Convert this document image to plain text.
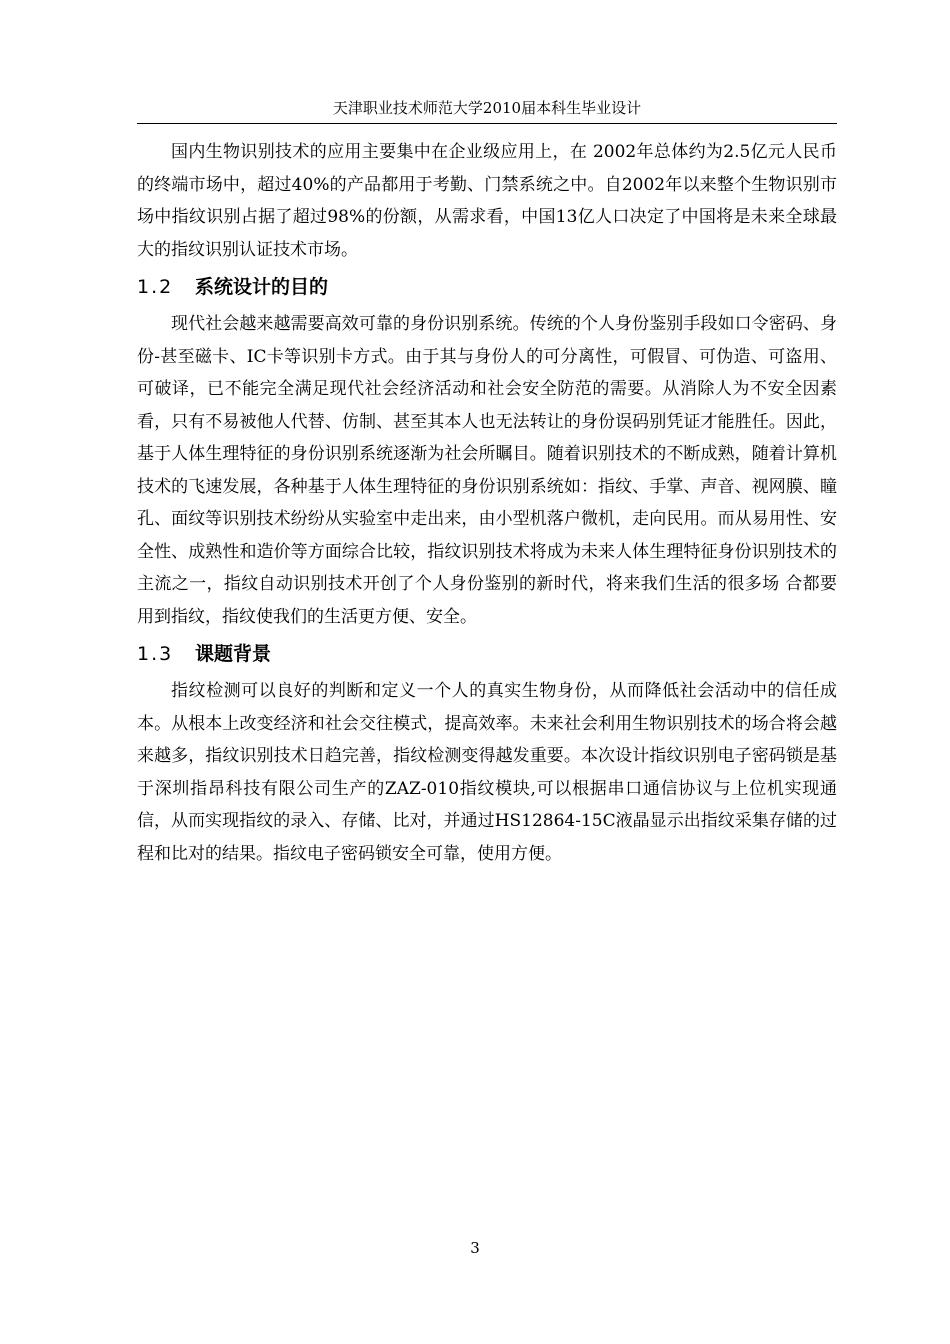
天津职业技术师范大学2010届本科生毕业设计

国内生物识别技术的应用主要集中在企业级应用上，在 2002年总体约为2.5亿元人民币的终端市场中，超过40%的产品都用于考勤、门禁系统之中。自2002年以来整个生物识别市场中指纹识别占据了超过98%的份额，从需求看，中国13亿人口决定了中国将是未来全球最大的指纹识别认证技术市场。

1.2 系统设计的目的

现代社会越来越需要高效可靠的身份识别系统。传统的个人身份鉴别手段如口令密码、身份-甚至磁卡、IC卡等识别卡方式。由于其与身份人的可分离性，可假冒、可伪造、可盗用、可破译，已不能完全满足现代社会经济活动和社会安全防范的需要。从消除人为不安全因素看，只有不易被他人代替、仿制、甚至其本人也无法转让的身份误码别凭证才能胜任。因此，基于人体生理特征的身份识别系统逐渐为社会所瞩目。随着识别技术的不断成熟，随着计算机技术的飞速发展，各种基于人体生理特征的身份识别系统如：指纹、手掌、声音、视网膜、瞳孔、面纹等识别技术纷纷从实验室中走出来，由小型机落户微机，走向民用。而从易用性、安全性、成熟性和造价等方面综合比较，指纹识别技术将成为未来人体生理特征身份识别技术的主流之一，指纹自动识别技术开创了个人身份鉴别的新时代，将来我们生活的很多场 合都要用到指纹，指纹使我们的生活更方便、安全。

1.3 课题背景

指纹检测可以良好的判断和定义一个人的真实生物身份，从而降低社会活动中的信任成本。从根本上改变经济和社会交往模式，提高效率。未来社会利用生物识别技术的场合将会越来越多，指纹识别技术日趋完善，指纹检测变得越发重要。本次设计指纹识别电子密码锁是基于深圳指昂科技有限公司生产的ZAZ-010指纹模块,可以根据串口通信协议与上位机实现通信，从而实现指纹的录入、存储、比对，并通过HS12864-15C液晶显示出指纹采集存储的过程和比对的结果。指纹电子密码锁安全可靠，使用方便。

3
